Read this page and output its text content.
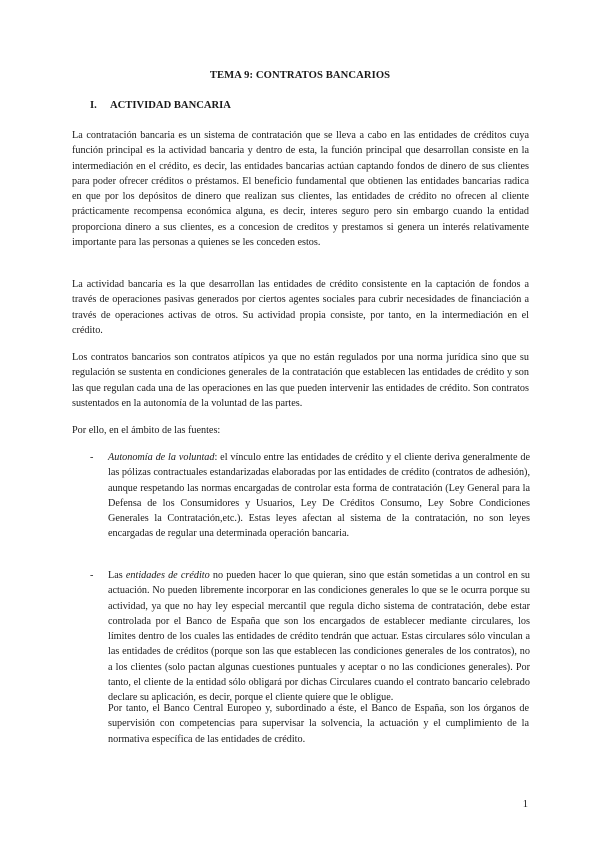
TEMA 9: CONTRATOS BANCARIOS
I. ACTIVIDAD BANCARIA

La contratación bancaria es un sistema de contratación que se lleva a cabo en las entidades de créditos cuya función principal es la actividad bancaria y dentro de esta, la función principal que desarrollan consiste en la intermediación en el crédito, es decir, las entidades bancarias actúan captando fondos de dinero de sus clientes para poder ofrecer créditos o préstamos. El beneficio fundamental que obtienen las entidades bancarias radica en que por los depósitos de dinero que realizan sus clientes, las entidades de crédito no ofrecen al cliente prácticamente recompensa económica alguna, es decir, interes seguro pero sin embargo cuando la entidad proporciona dinero a sus clientes, es a concesion de creditos y prestamos si genera un interés relativamente importante para las personas a quienes se les conceden estos.

La actividad bancaria es la que desarrollan las entidades de crédito consistente en la captación de fondos a través de operaciones pasivas generados por ciertos agentes sociales para cubrir necesidades de financiación a través de operaciones activas de otros. Su actividad propia consiste, por tanto, en la intermediación en el crédito.

Los contratos bancarios son contratos atípicos ya que no están regulados por una norma jurídica sino que su regulación se sustenta en condiciones generales de la contratación que establecen las entidades de crédito y son las que regulan cada una de las operaciones en las que pueden intervenir las entidades de crédito. Son contratos sustentados en la autonomía de la voluntad de las partes.

Por ello, en el ámbito de las fuentes:

- Autonomía de la voluntad: el vínculo entre las entidades de crédito y el cliente deriva generalmente de las pólizas contractuales estandarizadas elaboradas por las entidades de crédito (contratos de adhesión), aunque respetando las normas encargadas de controlar esta forma de contratación (Ley General para la Defensa de los Consumidores y Usuarios, Ley De Créditos Consumo, Ley Sobre Condiciones Generales la Contratación,etc.). Estas leyes afectan al sistema de la contratación, no son leyes encargadas de regular una determinada operación bancaria.
- Las entidades de crédito no pueden hacer lo que quieran, sino que están sometidas a un control en su actuación. No pueden libremente incorporar en las condiciones generales lo que se le ocurra porque su actividad, ya que no hay ley especial mercantil que regula dicho sistema de contratación, debe estar controlada por el Banco de España que son los encargados de establecer mediante circulares, los límites dentro de los cuales las entidades de crédito tendrán que actuar. Estas circulares sólo vinculan a las entidades de créditos (porque son las que establecen las condiciones generales de los contratos), no a los clientes (solo pactan algunas cuestiones puntuales y aceptar o no las condiciones generales). Por tanto, el cliente de la entidad sólo obligará por dichas Circulares cuando el contrato bancario celebrado declare su aplicación, es decir, porque el cliente quiere que le obligue.

Por tanto, el Banco Central Europeo y, subordinado a éste, el Banco de España, son los órganos de supervisión con competencias para supervisar la solvencia, la actuación y el cumplimiento de la normativa específica de las entidades de crédito.

1
